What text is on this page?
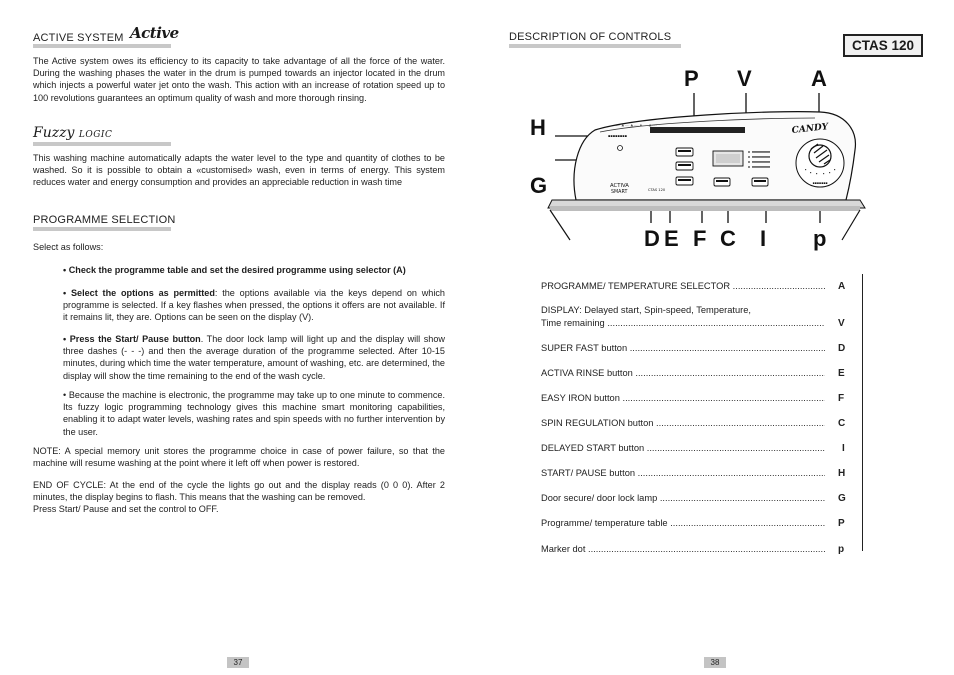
ACTIVE SYSTEM Active
The Active system owes its efficiency to its capacity to take advantage of all the force of the water. During the washing phases the water in the drum is pumped towards an injector located in the drum which injects a powerful water jet onto the wash. This action with an increase of rotation speed up to 100 revolutions guarantees an optimum quality of wash and more thorough rinsing.
Fuzzy LOGIC
This washing machine automatically adapts the water level to the type and quantity of clothes to be washed. So it is possible to obtain a «customised» wash, even in terms of energy. This system reduces water and energy consumption and provides an appreciable reduction in wash time
PROGRAMME SELECTION
Select as follows:
• Check the programme table and set the desired programme using selector (A)
• Select the options as permitted: the options available via the keys depend on which programme is selected. If a key flashes when pressed, the options it offers are not available. If it remains lit, they are. Options can be seen on the display (V).
• Press the Start/ Pause button. The door lock lamp will light up and the display will show three dashes (- - -) and then the average duration of the programme selected. After 10-15 minutes, during which time the water temperature, amount of washing, etc. are determined, the display will show the time remaining to the end of the wash cycle.
• Because the machine is electronic, the programme may take up to one minute to commence. Its fuzzy logic programming technology gives this machine smart monitoring capabilities, enabling it to adapt water levels, washing rates and spin speeds with no further intervention by the user.
NOTE: A special memory unit stores the programme choice in case of power failure, so that the machine will resume washing at the point where it left off when power is restored.
END OF CYCLE: At the end of the cycle the lights go out and the display reads (0 0 0). After 2 minutes, the display begins to flash. This means that the washing can be removed.
Press Start/ Pause and set the control to OFF.
37
DESCRIPTION OF CONTROLS
CTAS 120
P V	A
H
G
D E F C I p
..... ▲ .... ▲ .... ▲ .... ▲ ....	CANDY
▪▪▪▪▪▪▪▪
ACTIVA
SMART	CTAS 120
▪▪▪▪▪▪▪
PROGRAMME/ TEMPERATURE SELECTOR .....	A
DISPLAY: Delayed start, Spin-speed, Temperature,
Time remaining .....	V
SUPER FAST button .....	D
ACTIVA RINSE button .....	E
EASY IRON button .....	F
SPIN REGULATION button .....	C
DELAYED START button .....	I
START/ PAUSE button .....	H
Door secure/ door lock lamp .....	G
Programme/ temperature table .....	P
Marker dot .....	p
38
